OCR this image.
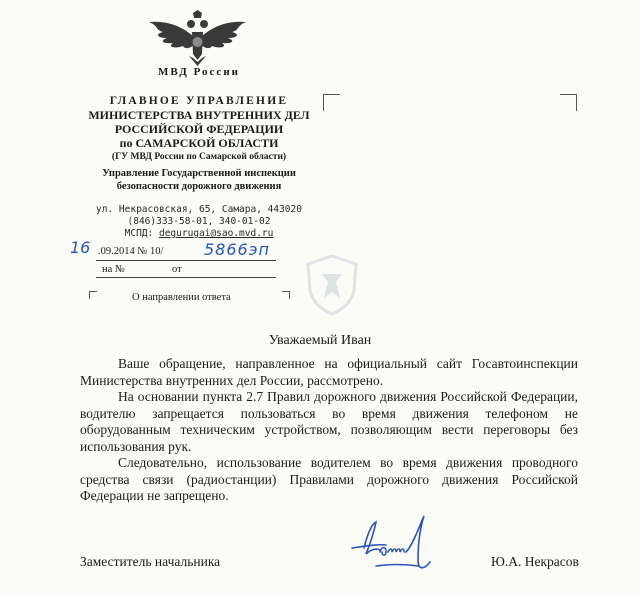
МВД России
ГЛАВНОЕ УПРАВЛЕНИЕ
МИНИСТЕРСТВА ВНУТРЕННИХ ДЕЛ
РОССИЙСКОЙ ФЕДЕРАЦИИ
по САМАРСКОЙ ОБЛАСТИ
(ГУ МВД России по Самарской области)
Управление Государственной инспекции
безопасности дорожного движения
ул. Некрасовская, 65, Самара, 443020
(846)333-58-01, 340-01-02
МСПД: degurugai@sao.mvd.ru
16 .09.2014 № 10/	5866эп
на №	от
О направлении ответа
Уважаемый Иван

Ваше обращение, направленное на официальный сайт Госавтоинспекции Министерства внутренних дел России, рассмотрено.

На основании пункта 2.7 Правил дорожного движения Российской Федерации, водителю запрещается пользоваться во время движения телефоном не оборудованным техническим устройством, позволяющим вести переговоры без использования рук.

Следовательно, использование водителем во время движения проводного средства связи (радиостанции) Правилами дорожного движения Российской Федерации не запрещено.

Заместитель начальника	Ю.А. Некрасов
